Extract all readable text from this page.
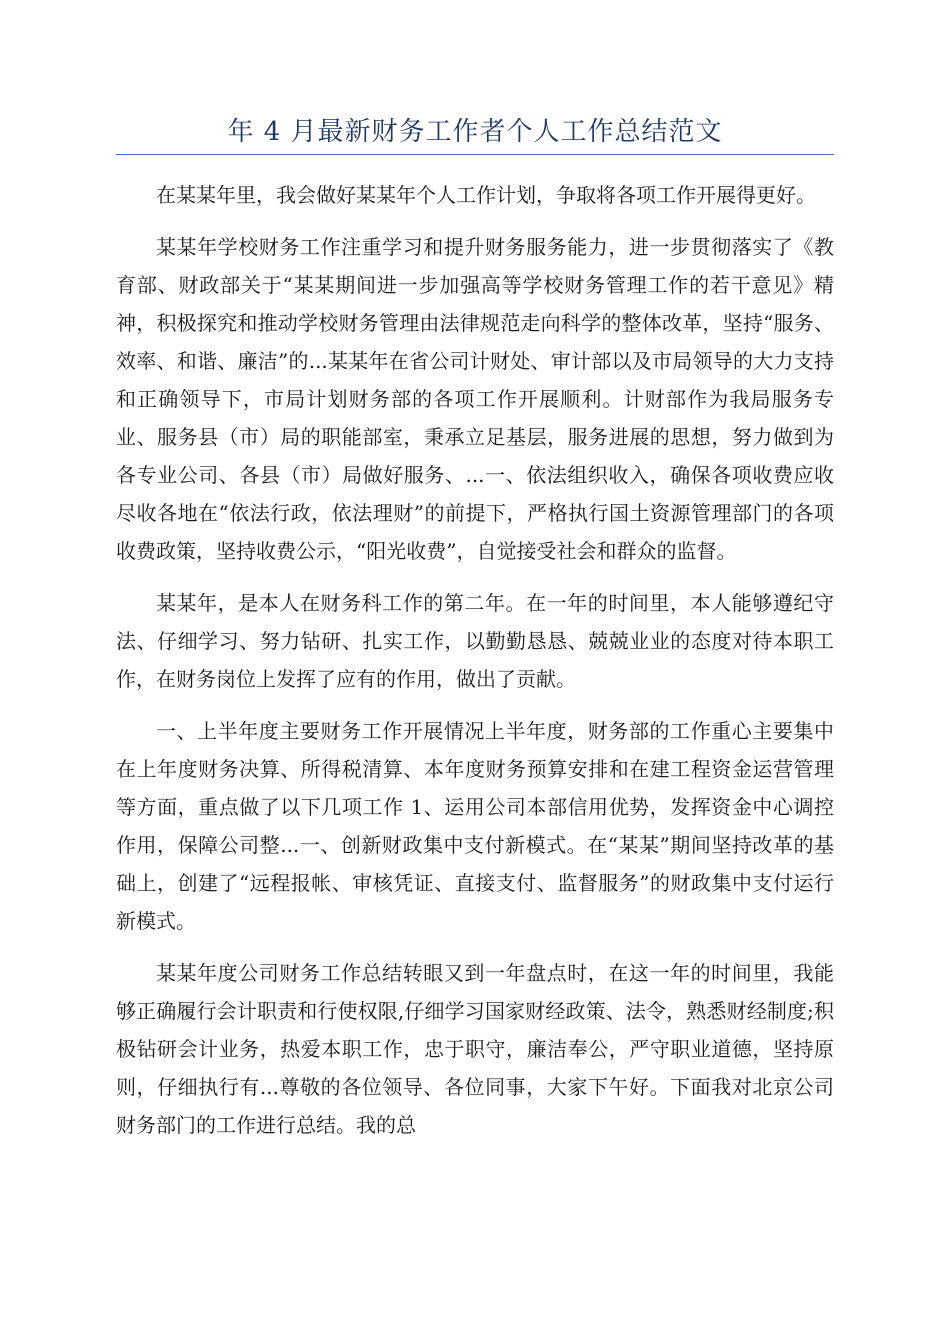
年 4 月最新财务工作者个人工作总结范文

在某某年里，我会做好某某年个人工作计划，争取将各项工作开展得更好。

某某年学校财务工作注重学习和提升财务服务能力，进一步贯彻落实了《教育部、财政部关于“某某期间进一步加强高等学校财务管理工作的若干意见》精神，积极探究和推动学校财务管理由法律规范走向科学的整体改革，坚持“服务、效率、和谐、廉洁”的...某某年在省公司计财处、审计部以及市局领导的大力支持和正确领导下，市局计划财务部的各项工作开展顺利。计财部作为我局服务专业、服务县（市）局的职能部室，秉承立足基层，服务进展的思想，努力做到为各专业公司、各县（市）局做好服务、...一、依法组织收入，确保各项收费应收尽收各地在“依法行政，依法理财”的前提下，严格执行国土资源管理部门的各项收费政策，坚持收费公示，“阳光收费”，自觉接受社会和群众的监督。

某某年，是本人在财务科工作的第二年。在一年的时间里，本人能够遵纪守法、仔细学习、努力钻研、扎实工作，以勤勤恳恳、兢兢业业的态度对待本职工作，在财务岗位上发挥了应有的作用，做出了贡献。

一、上半年度主要财务工作开展情况上半年度，财务部的工作重心主要集中在上年度财务决算、所得税清算、本年度财务预算安排和在建工程资金运营管理等方面，重点做了以下几项工作 1、运用公司本部信用优势，发挥资金中心调控作用，保障公司整...一、创新财政集中支付新模式。在“某某”期间坚持改革的基础上，创建了“远程报帐、审核凭证、直接支付、监督服务”的财政集中支付运行新模式。

某某年度公司财务工作总结转眼又到一年盘点时，在这一年的时间里，我能够正确履行会计职责和行使权限,仔细学习国家财经政策、法令，熟悉财经制度;积极钻研会计业务，热爱本职工作，忠于职守，廉洁奉公，严守职业道德，坚持原则，仔细执行有...尊敬的各位领导、各位同事，大家下午好。下面我对北京公司财务部门的工作进行总结。我的总
